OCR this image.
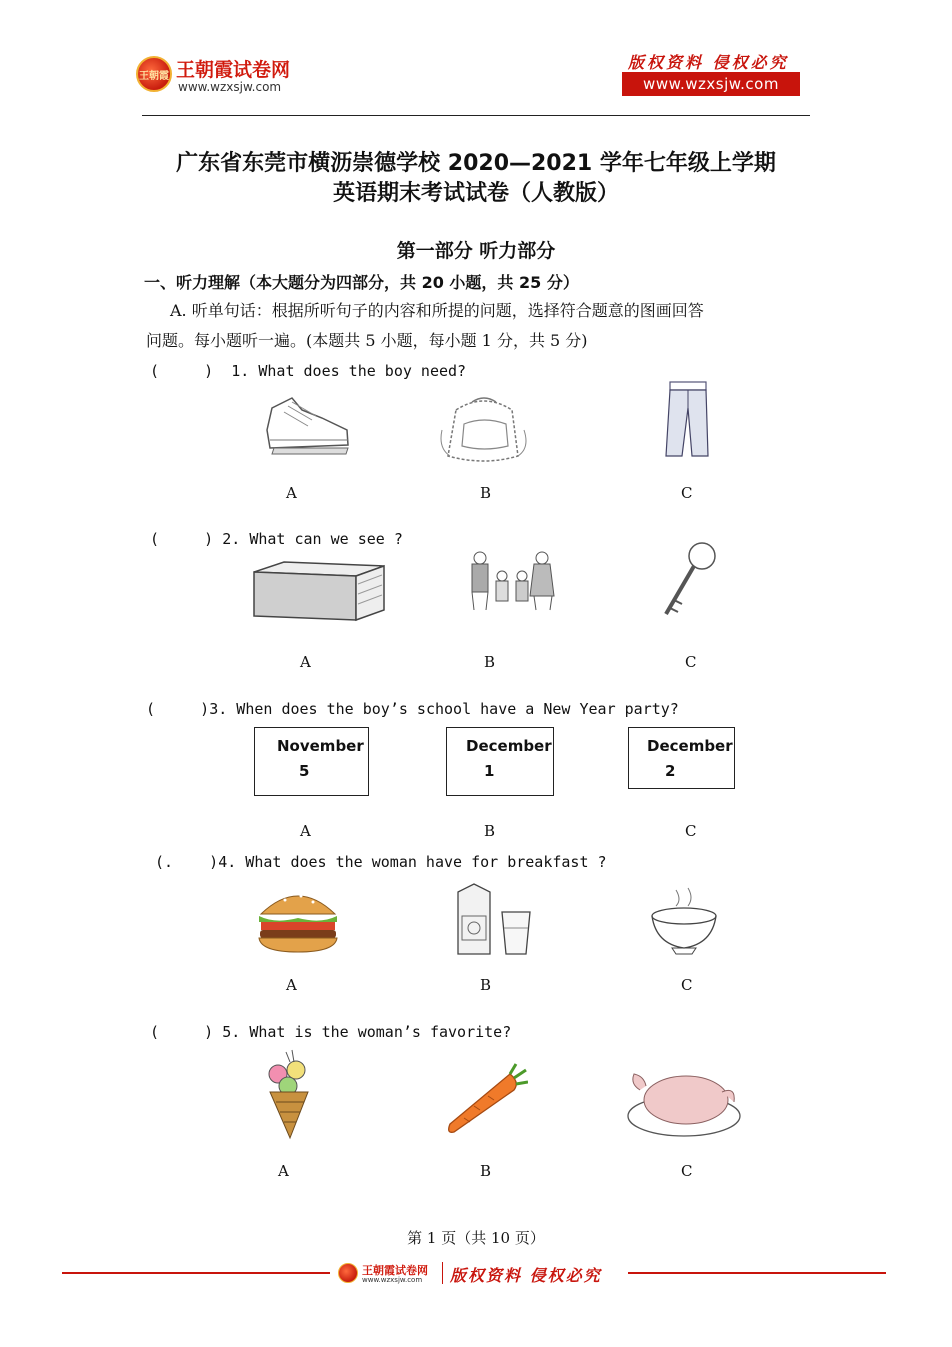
王朝霞 王朝霞试卷网
www.wzxsjw.com
版权资料 侵权必究
www.wzxsjw.com
广东省东莞市横沥崇德学校 2020—2021 学年七年级上学期
英语期末考试试卷（人教版）
第一部分 听力部分
一、听力理解（本大题分为四部分，共 20 小题，共 25 分）
A. 听单句话：根据所听句子的内容和所提的问题，选择符合题意的图画回答
问题。每小题听一遍。(本题共 5 小题，每小题 1 分，共 5 分)
(     )  1. What does the boy need?
A	B	C
(     ) 2. What can we see ?
A	B	C
(     )3. When does the boy’s school have a New Year party?
November
5
December
1
December
2
A	B	C
(.    )4. What does the woman have for breakfast ?
A	B	C
(     ) 5. What is the woman’s favorite?
A	B	C
第 1 页（共 10 页）
王朝霞试卷网
www.wzxsjw.com 版权资料 侵权必究
